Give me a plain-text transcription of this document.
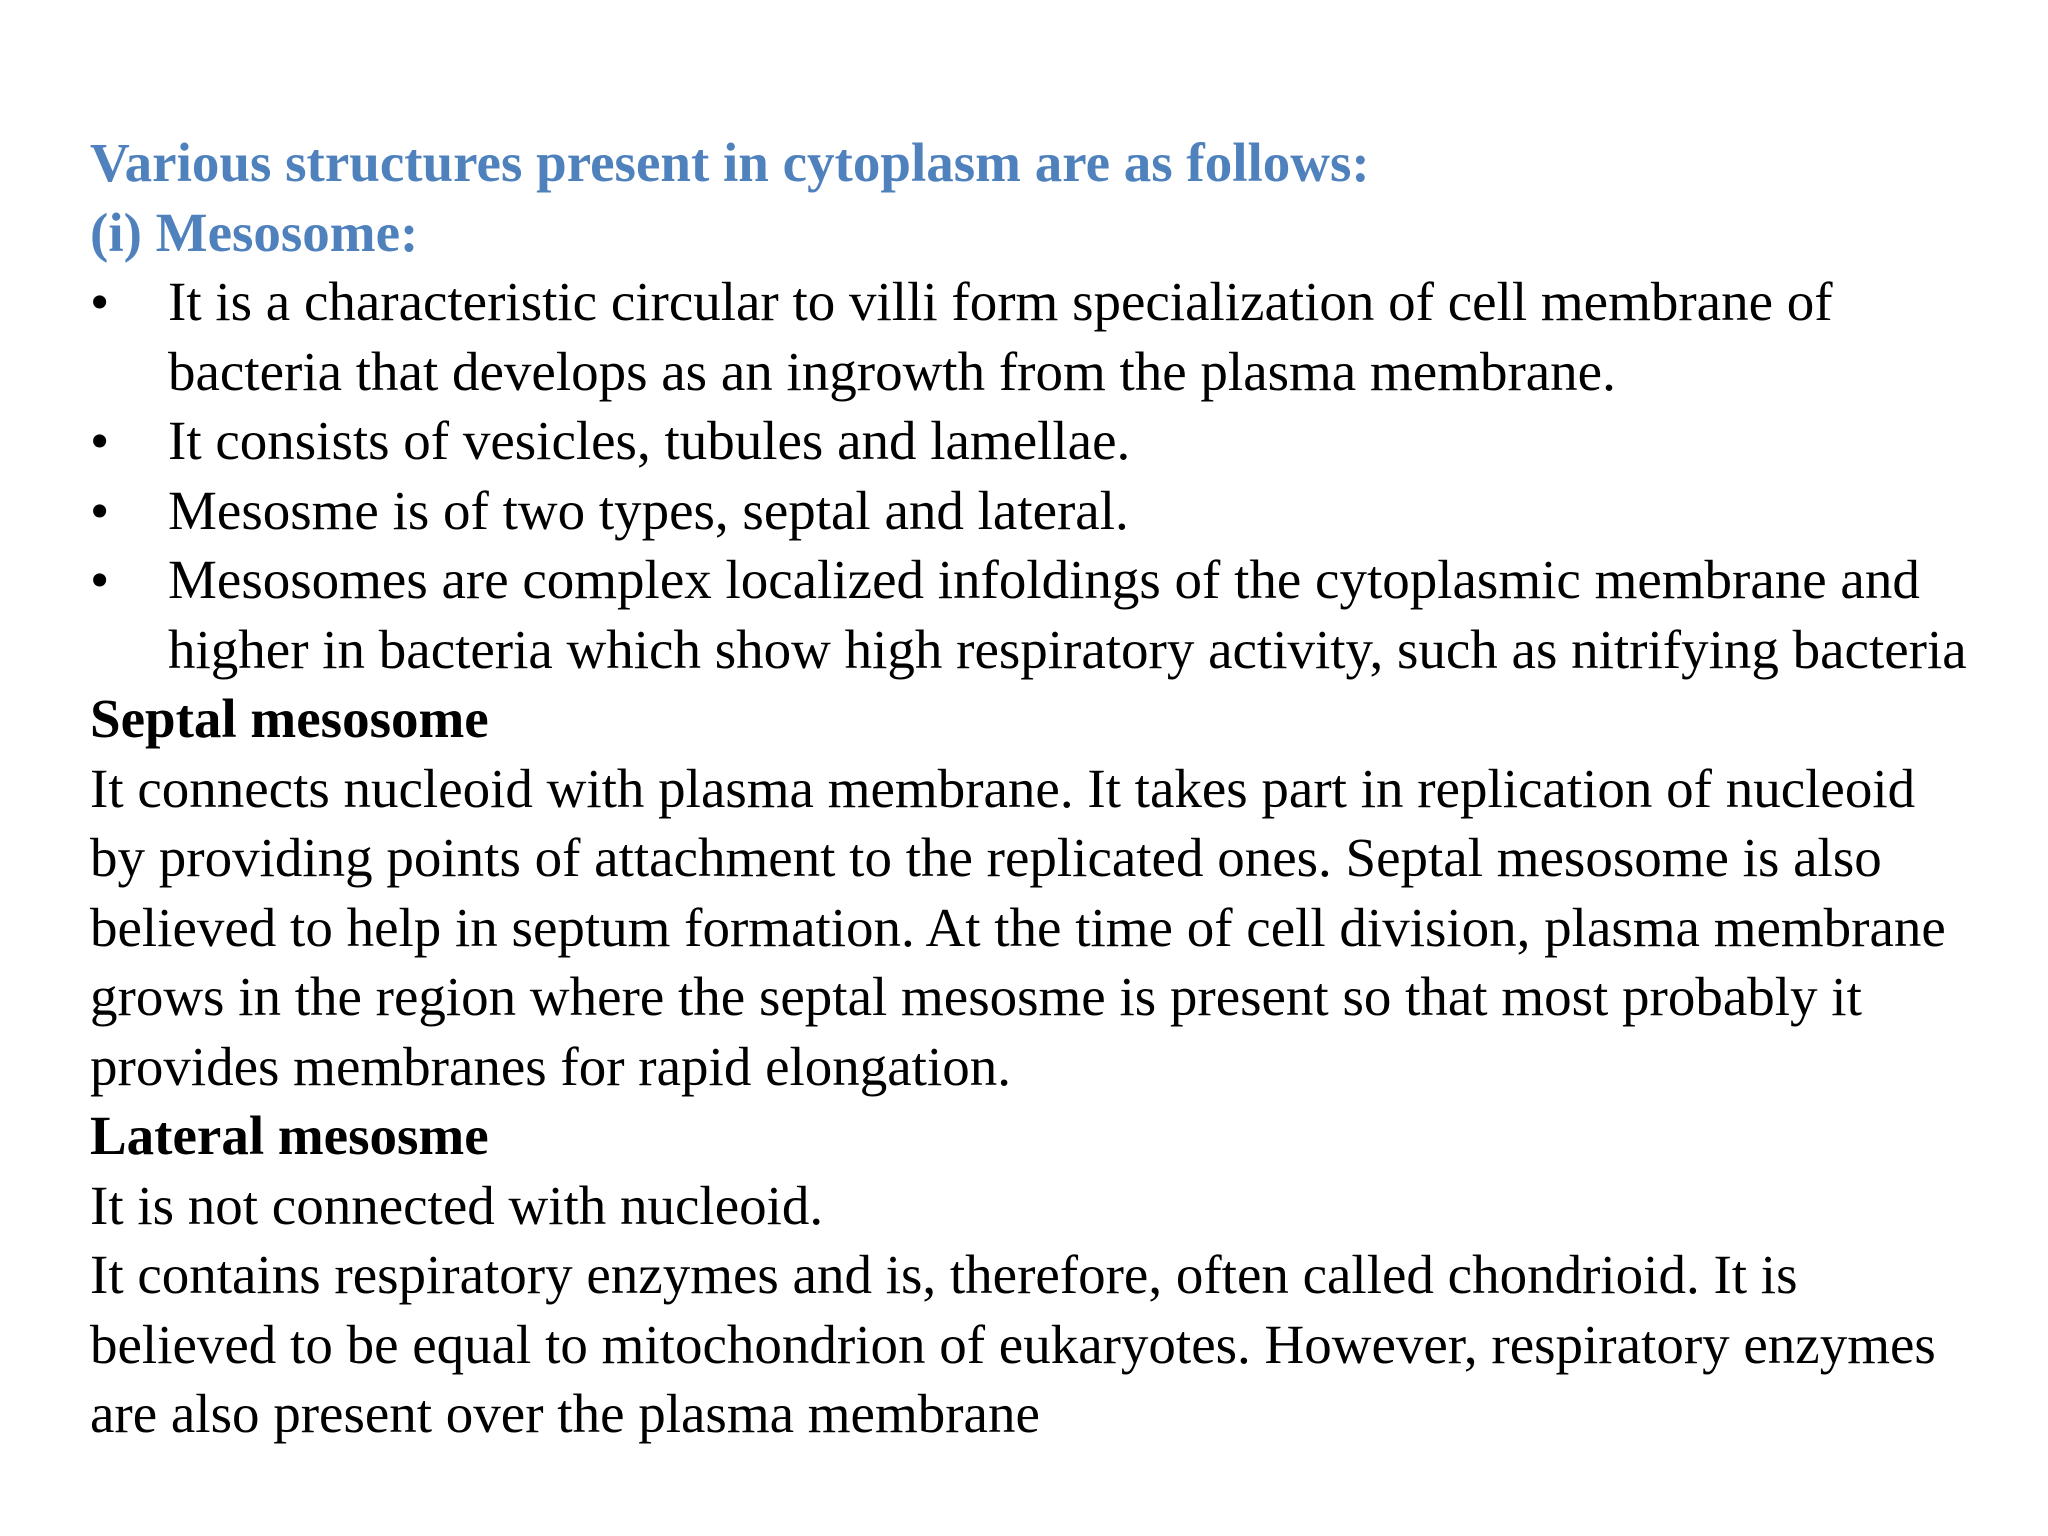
Various structures present in cytoplasm are as follows:

(i) Mesosome:

•	It is a characteristic circular to villi form specialization of cell membrane of bacteria that develops as an ingrowth from the plasma membrane.
•	It consists of vesicles, tubules and lamellae.
•	Mesosme is of two types, septal and lateral.
•	Mesosomes are complex localized infoldings of the cytoplasmic membrane and higher in bacteria which show high respiratory activity, such as nitrifying bacteria

Septal mesosome

It connects nucleoid with plasma membrane. It takes part in replication of nucleoid by providing points of attachment to the replicated ones. Septal mesosome is also believed to help in septum formation. At the time of cell division, plasma membrane grows in the region where the septal mesosme is present so that most probably it provides membranes for rapid elongation.

Lateral mesosme

It is not connected with nucleoid.

It contains respiratory enzymes and is, therefore, often called chondrioid. It is believed to be equal to mitochondrion of eukaryotes. However, respiratory enzymes are also present over the plasma membrane
